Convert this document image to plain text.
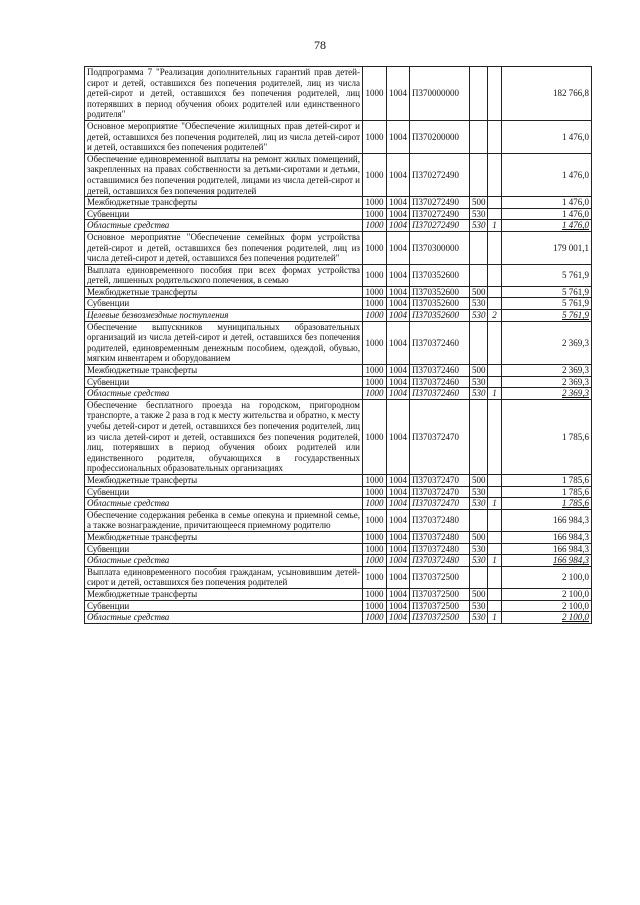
78
Подпрограмма 7 "Реализация дополнительных гарантий прав детей-сирот и детей, оставшихся без попечения родителей, лиц из числа детей-сирот и детей, оставшихся без попечения родителей, лиц потерявших в период обучения обоих родителей или единственного родителя"	1000	1004	П370000000			182 766,8
Основное мероприятие "Обеспечение жилищных прав детей-сирот и детей, оставшихся без попечения родителей, лиц из числа детей-сирот и детей, оставшихся без попечения родителей"	1000	1004	П370200000			1 476,0
Обеспечение единовременной выплаты на ремонт жилых помещений, закрепленных на правах собственности за детьми-сиротами и детьми, оставшимися без попечения родителей, лицами из числа детей-сирот и детей, оставшихся без попечения родителей	1000	1004	П370272490			1 476,0
Межбюджетные трансферты	1000	1004	П370272490	500		1 476,0
Субвенции	1000	1004	П370272490	530		1 476,0
Областные средства	1000	1004	П370272490	530	1	1 476,0
Основное мероприятие "Обеспечение семейных форм устройства детей-сирот и детей, оставшихся без попечения родителей, лиц из числа детей-сирот и детей, оставшихся без попечения родителей"	1000	1004	П370300000			179 001,1
Выплата единовременного пособия при всех формах устройства детей, лишенных родительского попечения, в семью	1000	1004	П370352600			5 761,9
Межбюджетные трансферты	1000	1004	П370352600	500		5 761,9
Субвенции	1000	1004	П370352600	530		5 761,9
Целевые безвозмездные поступления	1000	1004	П370352600	530	2	5 761,9
Обеспечение выпускников муниципальных образовательных организаций из числа детей-сирот и детей, оставшихся без попечения родителей, единовременным денежным пособием, одеждой, обувью, мягким инвентарем и оборудованием	1000	1004	П370372460			2 369,3
Межбюджетные трансферты	1000	1004	П370372460	500		2 369,3
Субвенции	1000	1004	П370372460	530		2 369,3
Областные средства	1000	1004	П370372460	530	1	2 369,3
Обеспечение бесплатного проезда на городском, пригородном транспорте, а также 2 раза в год к месту жительства и обратно, к месту учебы детей-сирот и детей, оставшихся без попечения родителей, лиц из числа детей-сирот и детей, оставшихся без попечения родителей, лиц, потерявших в период обучения обоих родителей или единственного родителя, обучающихся в государственных профессиональных образовательных организациях	1000	1004	П370372470			1 785,6
Межбюджетные трансферты	1000	1004	П370372470	500		1 785,6
Субвенции	1000	1004	П370372470	530		1 785,6
Областные средства	1000	1004	П370372470	530	1	1 785,6
Обеспечение содержания ребенка в семье опекуна и приемной семье, а также вознаграждение, причитающееся приемному родителю	1000	1004	П370372480			166 984,3
Межбюджетные трансферты	1000	1004	П370372480	500		166 984,3
Субвенции	1000	1004	П370372480	530		166 984,3
Областные средства	1000	1004	П370372480	530	1	166 984,3
Выплата единовременного пособия гражданам, усыновившим детей-сирот и детей, оставшихся без попечения родителей	1000	1004	П370372500			2 100,0
Межбюджетные трансферты	1000	1004	П370372500	500		2 100,0
Субвенции	1000	1004	П370372500	530		2 100,0
Областные средства	1000	1004	П370372500	530	1	2 100,0
